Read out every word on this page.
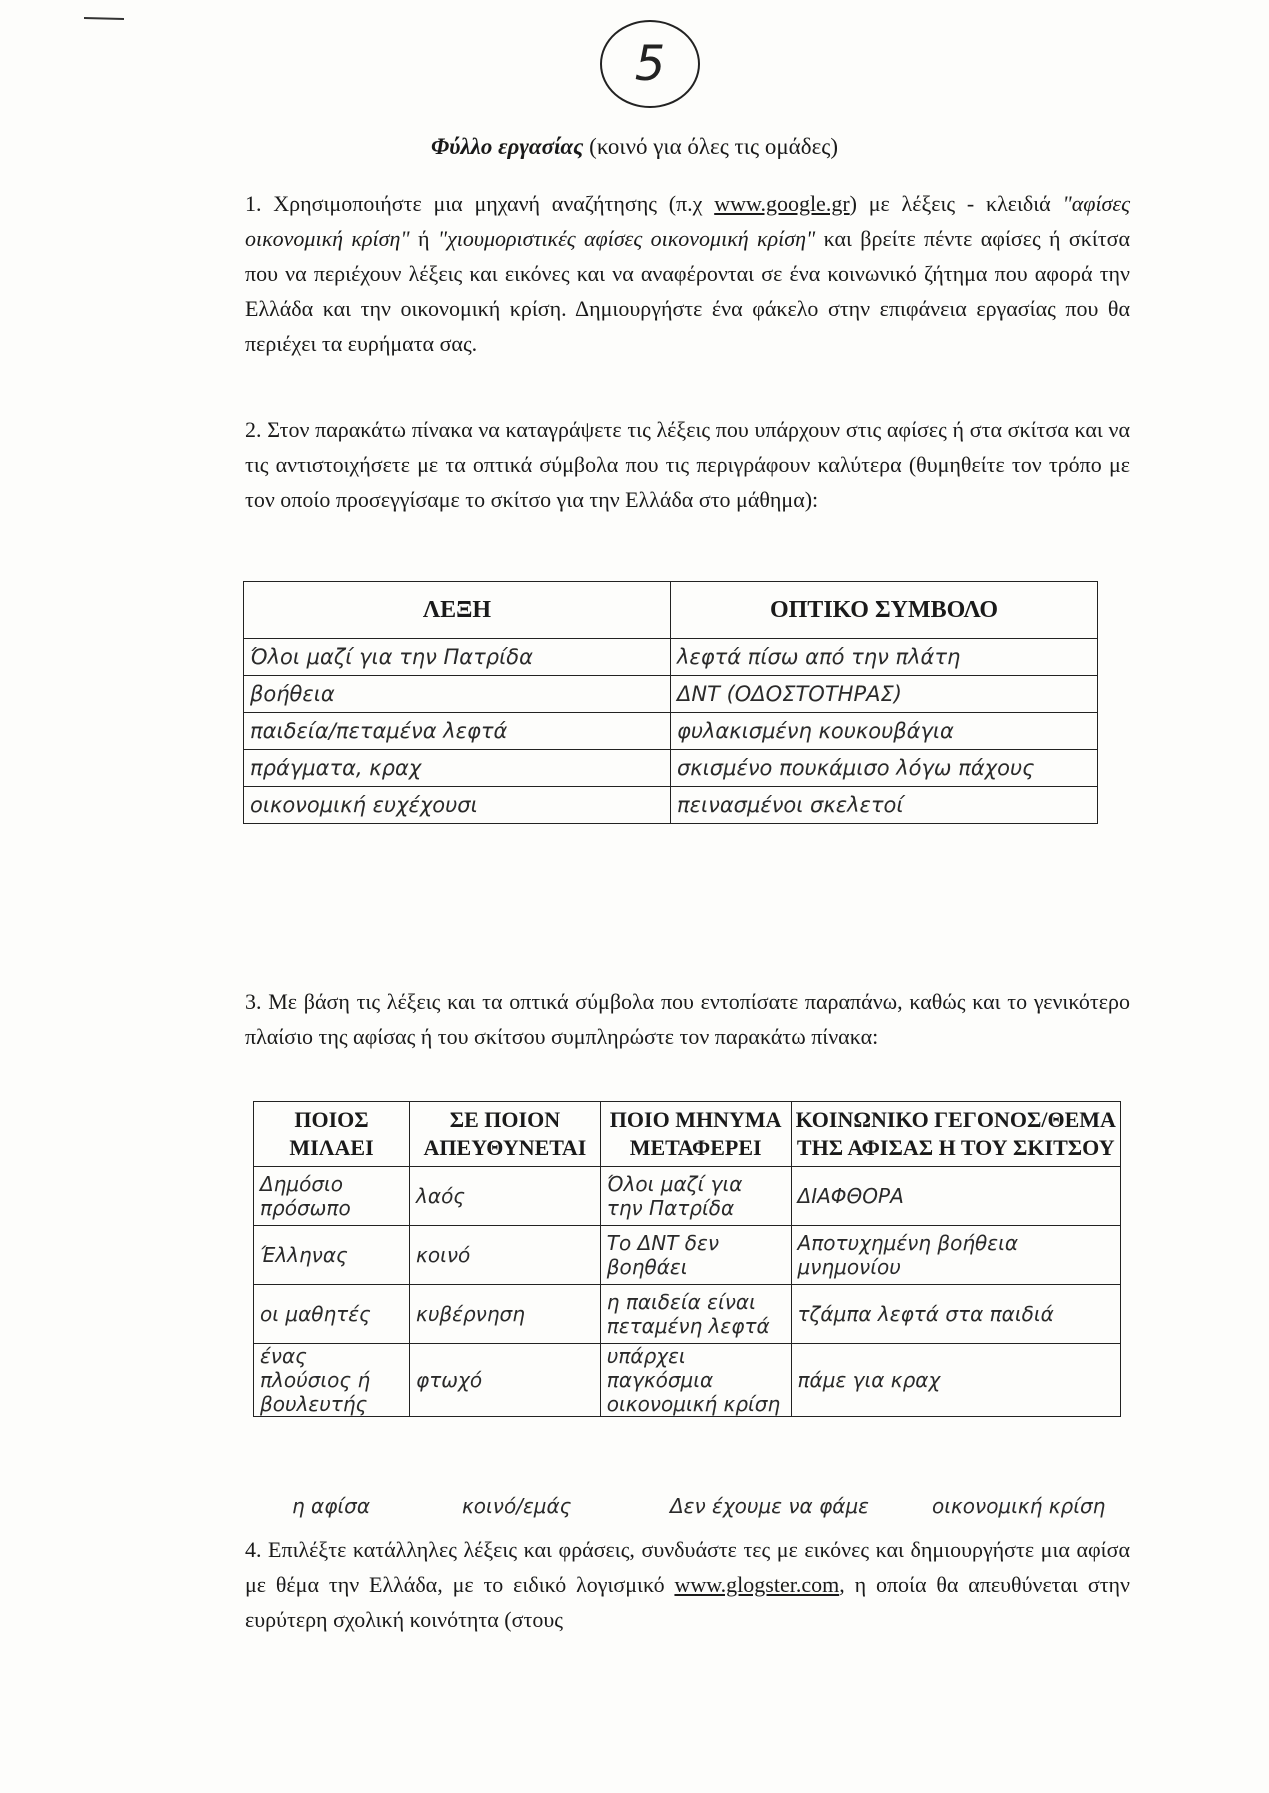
5
Φύλλο εργασίας (κοινό για όλες τις ομάδες)

1. Χρησιμοποιήστε μια μηχανή αναζήτησης (π.χ www.google.gr) με λέξεις - κλειδιά "αφίσες οικονομική κρίση" ή "χιουμοριστικές αφίσες οικονομική κρίση" και βρείτε πέντε αφίσες ή σκίτσα που να περιέχουν λέξεις και εικόνες και να αναφέρονται σε ένα κοινωνικό ζήτημα που αφορά την Ελλάδα και την οικονομική κρίση. Δημιουργήστε ένα φάκελο στην επιφάνεια εργασίας που θα περιέχει τα ευρήματα σας.

2. Στον παρακάτω πίνακα να καταγράψετε τις λέξεις που υπάρχουν στις αφίσες ή στα σκίτσα και να τις αντιστοιχήσετε με τα οπτικά σύμβολα που τις περιγράφουν καλύτερα (θυμηθείτε τον τρόπο με τον οποίο προσεγγίσαμε το σκίτσο για την Ελλάδα στο μάθημα):

ΛΕΞΗ	ΟΠΤΙΚΟ ΣΥΜΒΟΛΟ
Όλοι μαζί για την Πατρίδα	λεφτά πίσω από την πλάτη
βοήθεια	ΔΝΤ (ΟΔΟΣΤΟΤΗΡΑΣ)
παιδεία/πεταμένα λεφτά	φυλακισμένη κουκουβάγια
πράγματα, κραχ	σκισμένο πουκάμισο λόγω πάχους
οικονομική ευχέχουσι	πεινασμένοι σκελετοί

3. Με βάση τις λέξεις και τα οπτικά σύμβολα που εντοπίσατε παραπάνω, καθώς και το γενικότερο πλαίσιο της αφίσας ή του σκίτσου συμπληρώστε τον παρακάτω πίνακα:

ΠΟΙΟΣ ΜΙΛΑΕΙ	ΣΕ ΠΟΙΟΝ ΑΠΕΥΘΥΝΕΤΑΙ	ΠΟΙΟ ΜΗΝΥΜΑ ΜΕΤΑΦΕΡΕΙ	ΚΟΙΝΩΝΙΚΟ ΓΕΓΟΝΟΣ/ΘΕΜΑ ΤΗΣ ΑΦΙΣΑΣ Η ΤΟΥ ΣΚΙΤΣΟΥ
Δημόσιο πρόσωπο	λαός	Όλοι μαζί για την Πατρίδα	ΔΙΑΦΘΟΡΑ
Έλληνας	κοινό	Το ΔΝΤ δεν βοηθάει	Αποτυχημένη βοήθεια μνημονίου
οι μαθητές	κυβέρνηση	η παιδεία είναι πεταμένη λεφτά	τζάμπα λεφτά στα παιδιά
ένας πλούσιος ή βουλευτής	φτωχό	υπάρχει παγκόσμια οικονομική κρίση	πάμε για κραχ
η αφίσα	κοινό/εμάς	Δεν έχουμε να φάμε	οικονομική κρίση

4. Επιλέξτε κατάλληλες λέξεις και φράσεις, συνδυάστε τες με εικόνες και δημιουργήστε μια αφίσα με θέμα την Ελλάδα, με το ειδικό λογισμικό www.glogster.com, η οποία θα απευθύνεται στην ευρύτερη σχολική κοινότητα (στους
